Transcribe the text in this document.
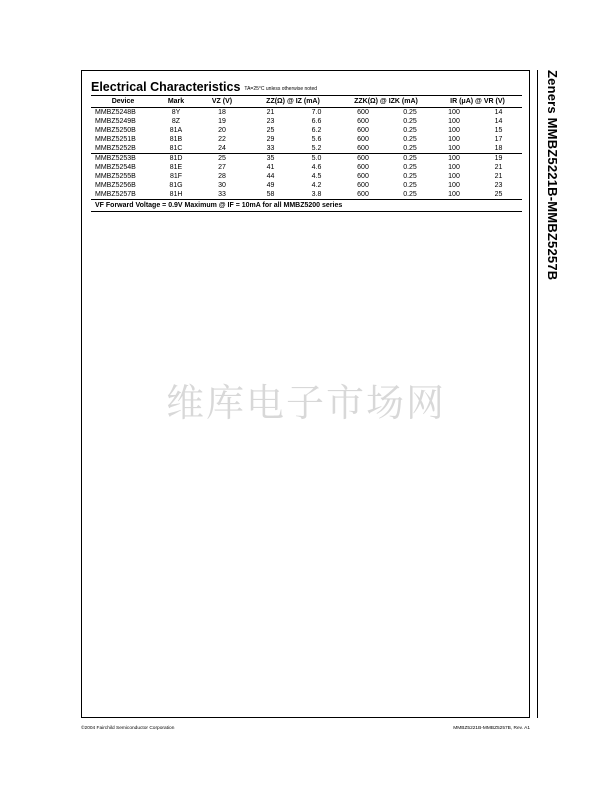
Electrical Characteristics TA=25°C unless otherwise noted
Device	Mark	VZ (V)	ZZ(Ω) @ IZ (mA)		ZZK(Ω) @ IZK (mA)		IR (μA) @ VR (V)	
MMBZ5248B	8Y	18	21	7.0	600	0.25	100	14
MMBZ5249B	8Z	19	23	6.6	600	0.25	100	14
MMBZ5250B	81A	20	25	6.2	600	0.25	100	15
MMBZ5251B	81B	22	29	5.6	600	0.25	100	17
MMBZ5252B	81C	24	33	5.2	600	0.25	100	18
MMBZ5253B	81D	25	35	5.0	600	0.25	100	19
MMBZ5254B	81E	27	41	4.6	600	0.25	100	21
MMBZ5255B	81F	28	44	4.5	600	0.25	100	21
MMBZ5256B	81G	30	49	4.2	600	0.25	100	23
MMBZ5257B	81H	33	58	3.8	600	0.25	100	25
VF Forward Voltage = 0.9V Maximum @ IF = 10mA for all MMBZ5200 series									Zeners MMBZ5221B-MMBZ5257B
维库电子市场网
©2004 Fairchild Semiconductor Corporation	MMBZ5221B-MMBZ5257B, Rev. A1
